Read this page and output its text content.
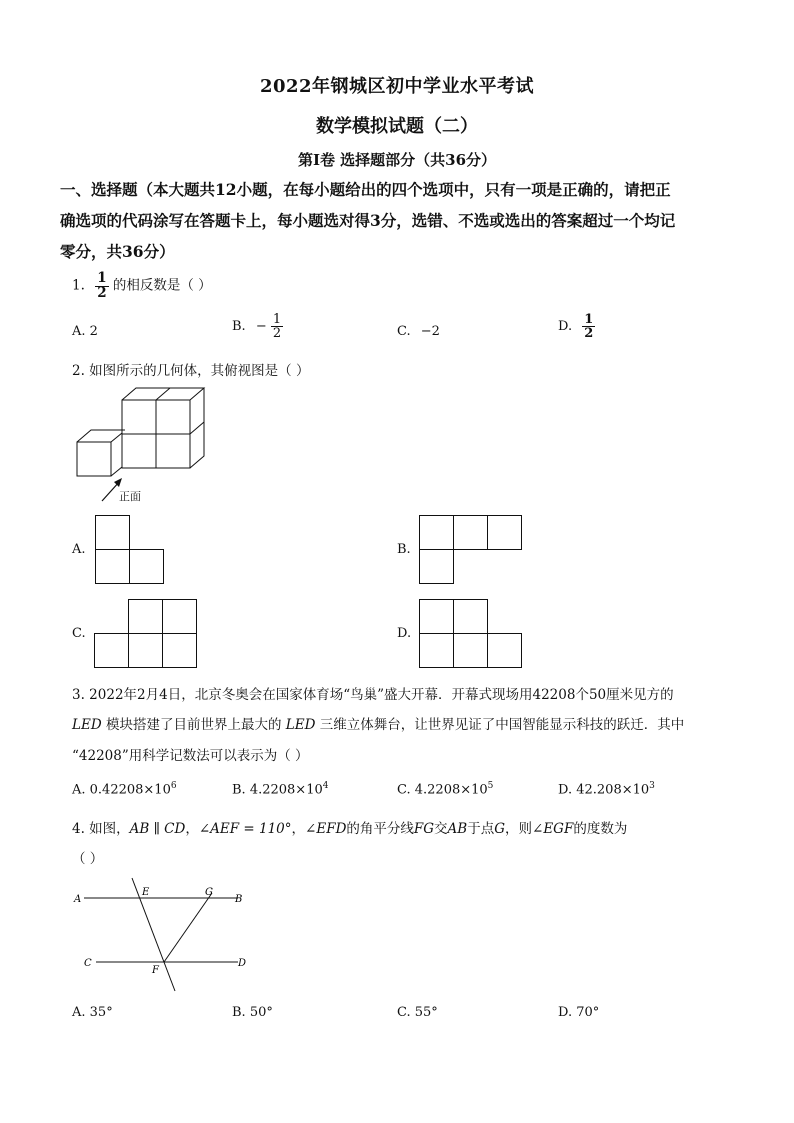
2022年钢城区初中学业水平考试
数学模拟试题（二）
第Ⅰ卷 选择题部分（共36分）
一、选择题（本大题共12小题，在每小题给出的四个选项中，只有一项是正确的，请把正
确选项的代码涂写在答题卡上，每小题选对得3分，选错、不选或选出的答案超过一个均记
零分，共36分）
1. $\frac{1}{2}$ 的相反数是（ ）
A. 2	B. − $\frac{1}{2}$	C. −2	D. $\frac{1}{2}$
2. 如图所示的几何体，其俯视图是（ ）
正面
A.	B.
C.	D.
3. 2022年2月4日，北京冬奥会在国家体育场“鸟巢”盛大开幕．开幕式现场用42208个50厘米见方的
LED 模块搭建了目前世界上最大的 LED 三维立体舞台，让世界见证了中国智能显示科技的跃迁．其中
“42208”用科学记数法可以表示为（ ）
A. $0.42208\times 10^6$	B. $4.2208\times 10^4$	C. $4.2208\times 10^5$	D. $42.208\times 10^3$
4. 如图，AB ∥ CD，∠AEF = 110°，∠EFD的角平分线FG交AB于点G，则∠EGF的度数为
（ ）
A	B
C	D
E
F
G
A. 35°	B. 50°	C. 55°	D. 70°
